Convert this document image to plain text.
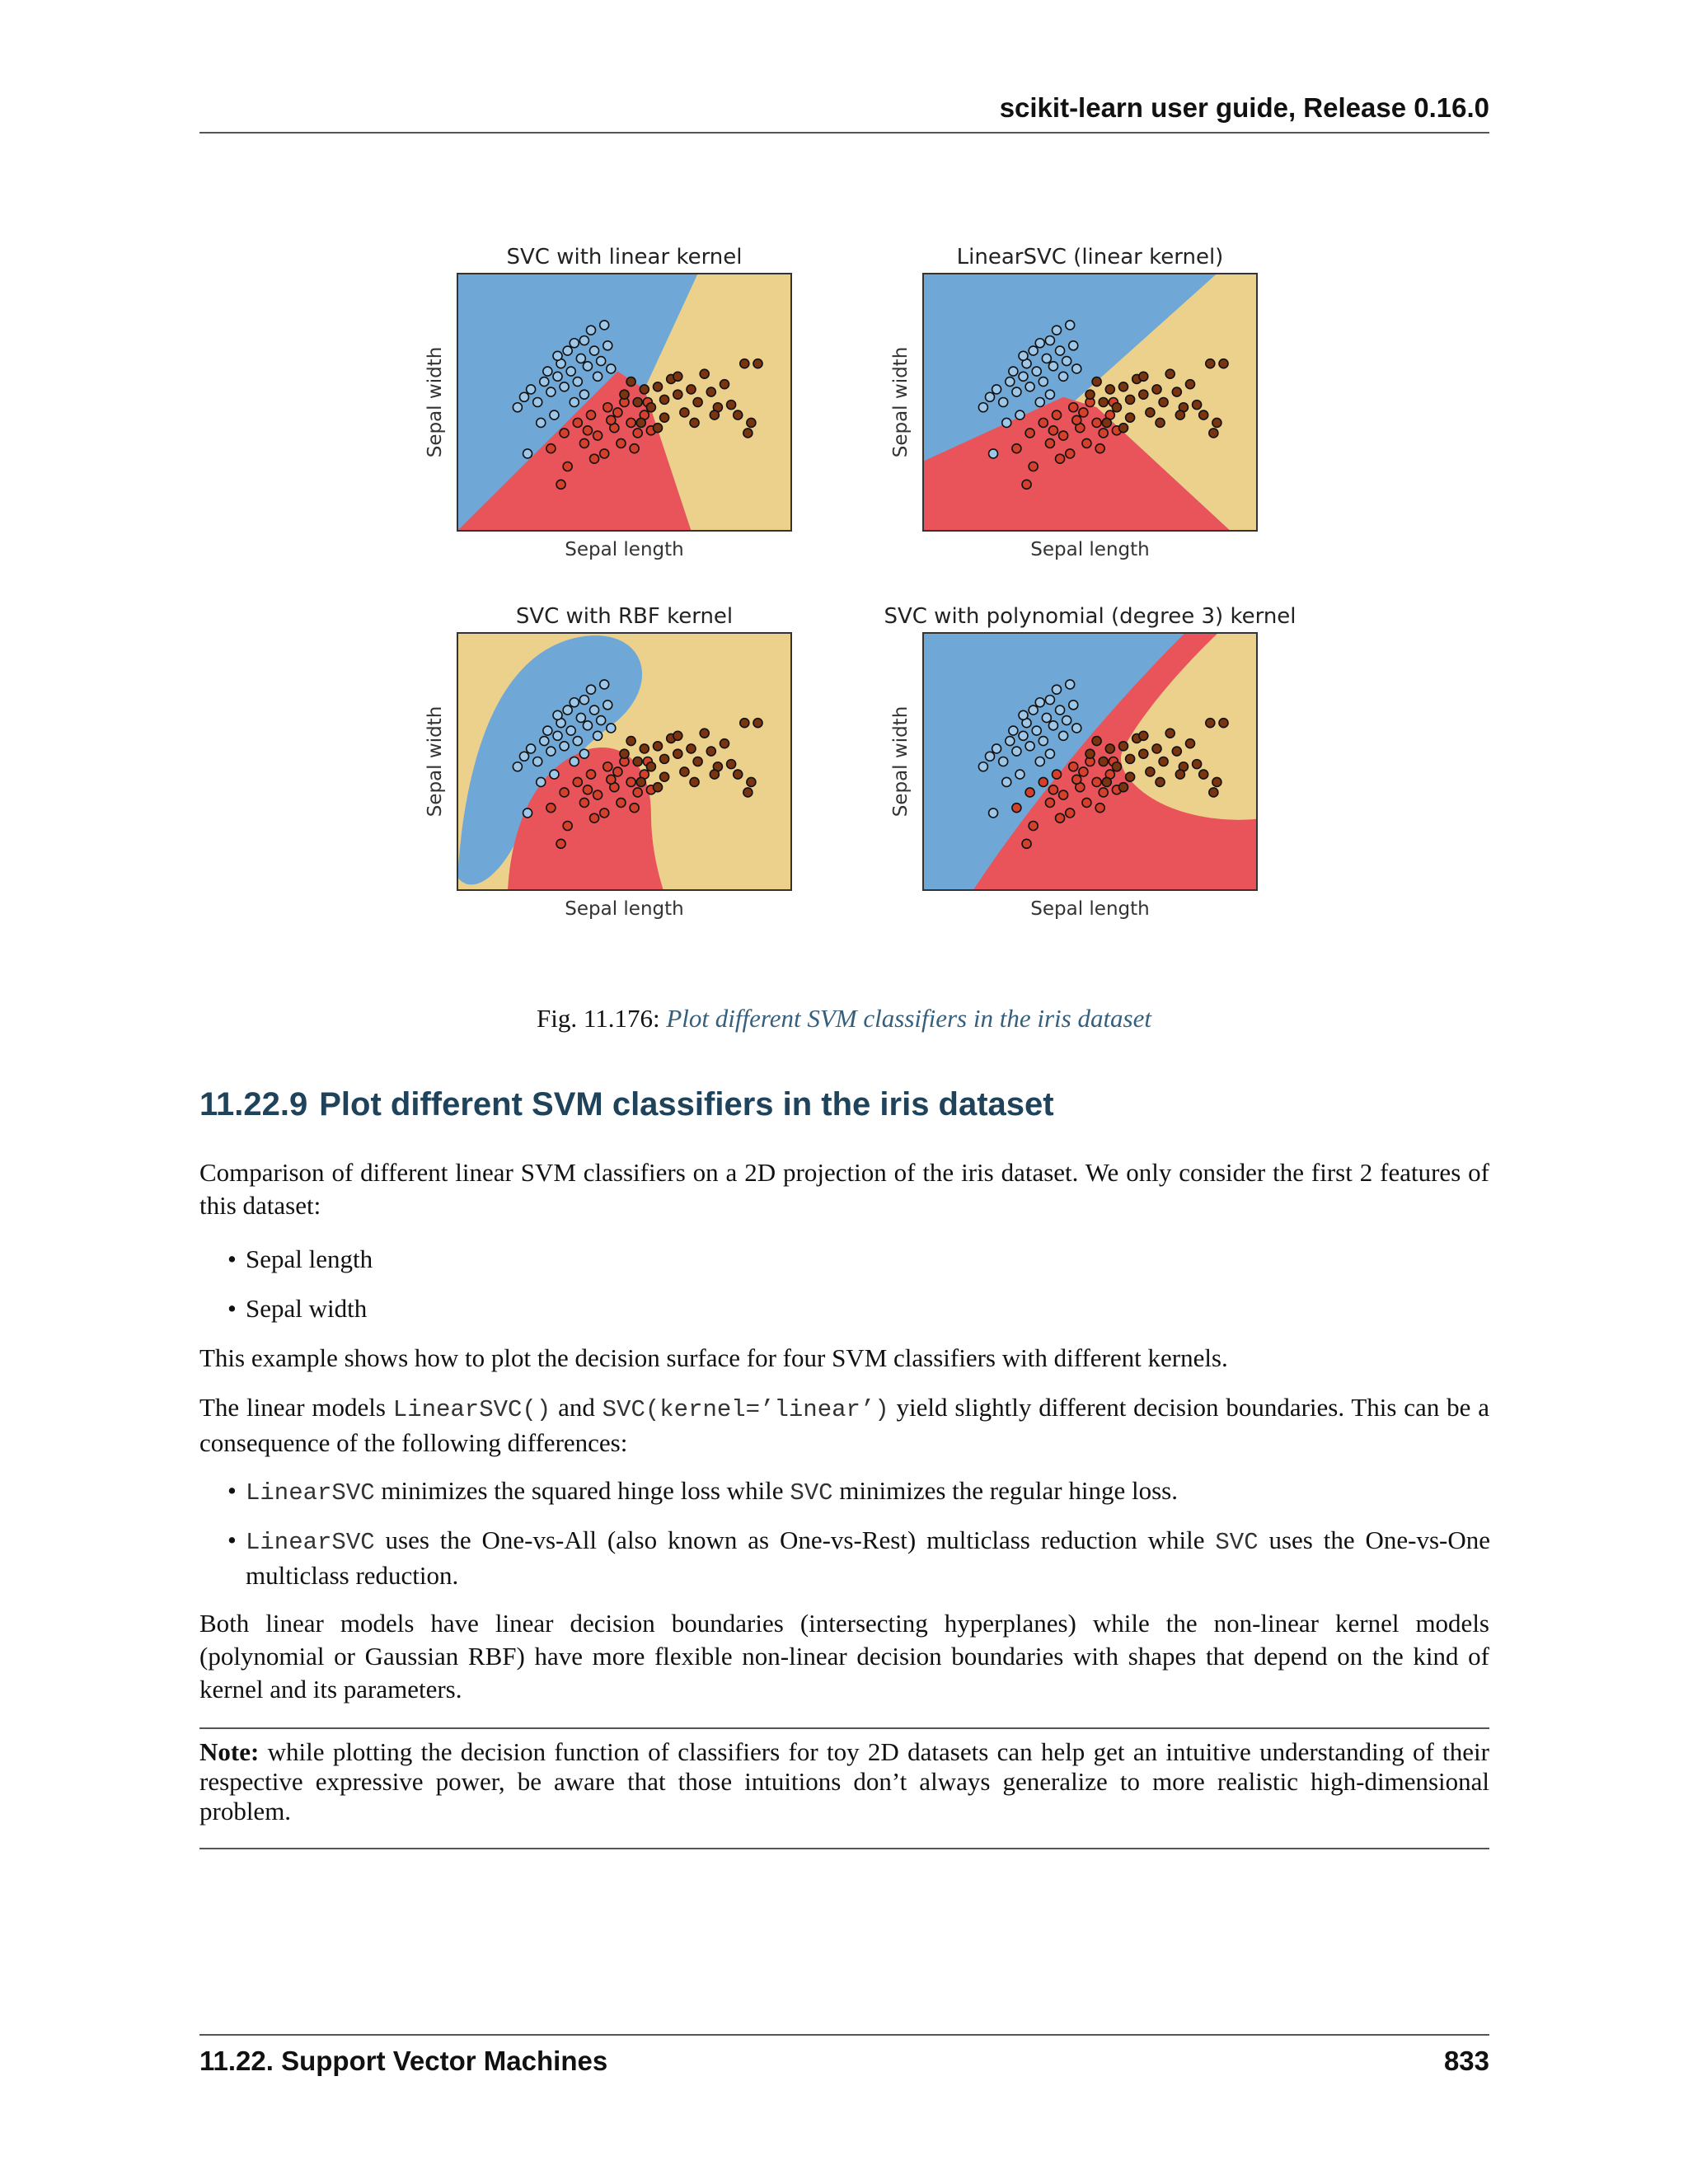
scikit-learn user guide, Release 0.16.0
SVC with linear kernel
Sepal length
Sepal width
LinearSVC (linear kernel)
Sepal length
Sepal width
SVC with RBF kernel
Sepal length
Sepal width
SVC with polynomial (degree 3) kernel
Sepal length
Sepal width
Fig. 11.176: Plot different SVM classifiers in the iris dataset
11.22.9 Plot different SVM classifiers in the iris dataset
Comparison of different linear SVM classifiers on a 2D projection of the iris dataset. We only consider the first 2 features of this dataset:
• Sepal length
• Sepal width
This example shows how to plot the decision surface for four SVM classifiers with different kernels.
The linear models LinearSVC() and SVC(kernel=’linear’) yield slightly different decision boundaries. This can be a consequence of the following differences:
• LinearSVC minimizes the squared hinge loss while SVC minimizes the regular hinge loss.
• LinearSVC uses the One-vs-All (also known as One-vs-Rest) multiclass reduction while SVC uses the One-vs-One multiclass reduction.
Both linear models have linear decision boundaries (intersecting hyperplanes) while the non-linear kernel models (polynomial or Gaussian RBF) have more flexible non-linear decision boundaries with shapes that depend on the kind of kernel and its parameters.
Note: while plotting the decision function of classifiers for toy 2D datasets can help get an intuitive understanding of their respective expressive power, be aware that those intuitions don’t always generalize to more realistic high-dimensional problem.
11.22. Support Vector Machines	833
